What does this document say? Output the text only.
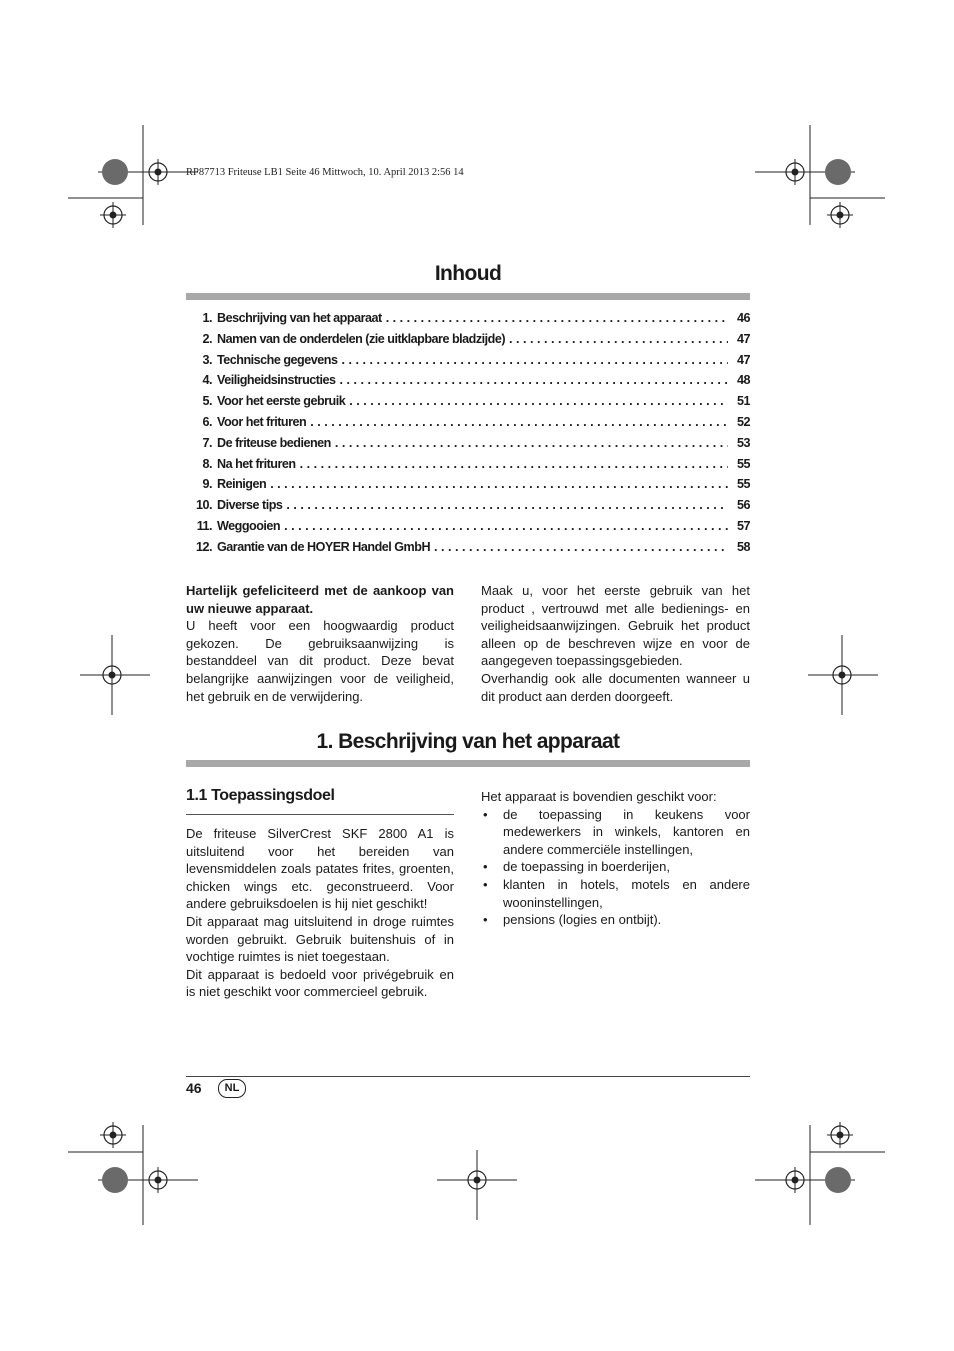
RP87713 Friteuse LB1 Seite 46 Mittwoch, 10. April 2013 2:56 14
Inhoud
1. Beschrijving van het apparaat . . .	46
2. Namen van de onderdelen (zie uitklapbare bladzijde) . . .	47
3. Technische gegevens . . .	47
4. Veiligheidsinstructies . . .	48
5. Voor het eerste gebruik . . .	51
6. Voor het frituren . . .	52
7. De friteuse bedienen . . .	53
8. Na het frituren . . .	55
9. Reinigen . . .	55
10. Diverse tips . . .	56
11. Weggooien . . .	57
12. Garantie van de HOYER Handel GmbH . . .	58

Hartelijk gefeliciteerd met de aankoop van uw nieuwe apparaat.

U heeft voor een hoogwaardig product gekozen. De gebruiksaanwijzing is bestanddeel van dit product. Deze bevat belangrijke aanwijzingen voor de veiligheid, het gebruik en de verwijdering.

Maak u, voor het eerste gebruik van het product , vertrouwd met alle bedienings- en veiligheidsaanwijzingen. Gebruik het product alleen op de beschreven wijze en voor de aangegeven toepassingsgebieden.

Overhandig ook alle documenten wanneer u dit product aan derden doorgeeft.

1. Beschrijving van het apparaat
1.1 Toepassingsdoel

De friteuse SilverCrest SKF 2800 A1 is uitsluitend voor het bereiden van levensmiddelen zoals patates frites, groenten, chicken wings etc. geconstrueerd. Voor andere gebruiksdoelen is hij niet geschikt!

Dit apparaat mag uitsluitend in droge ruimtes worden gebruikt. Gebruik buitenshuis of in vochtige ruimtes is niet toegestaan.

Dit apparaat is bedoeld voor privégebruik en is niet geschikt voor commercieel gebruik.

Het apparaat is bovendien geschikt voor:

• de toepassing in keukens voor medewerkers in winkels, kantoren en andere commerciële instellingen,
• de toepassing in boerderijen,
• klanten in hotels, motels en andere wooninstellingen,
• pensions (logies en ontbijt).
46	NL
